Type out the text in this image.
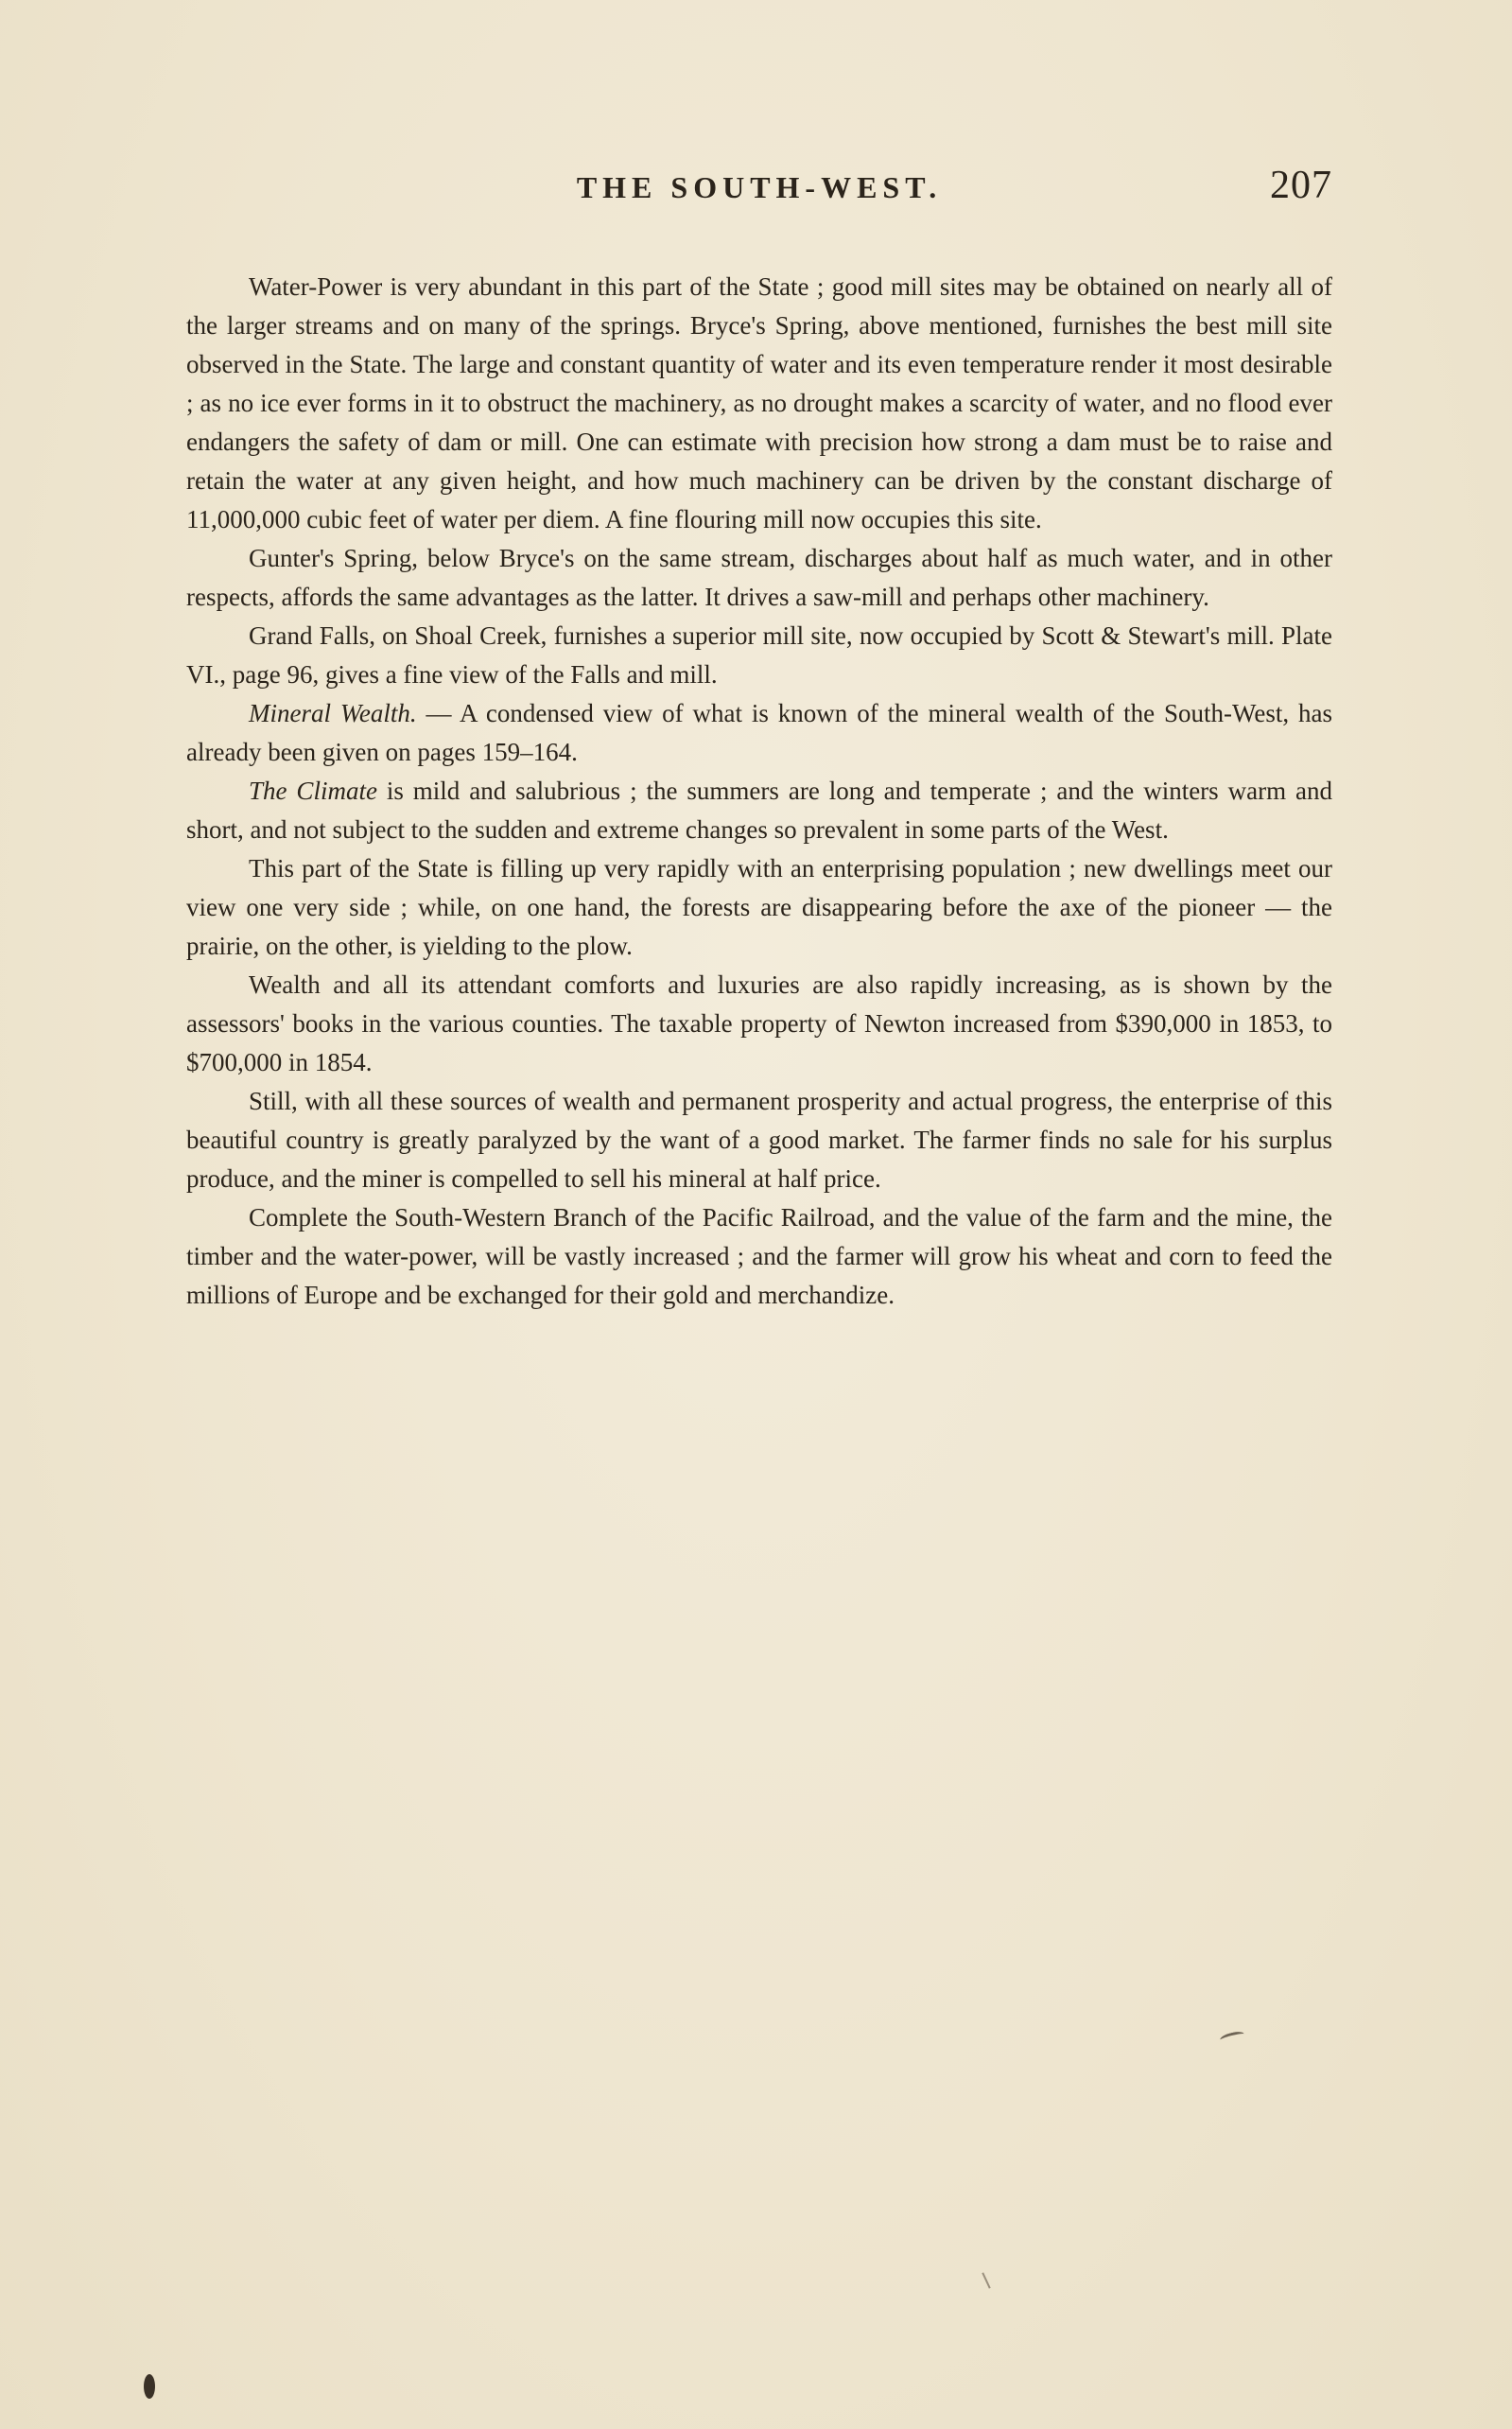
THE SOUTH-WEST.	207

Water-Power is very abundant in this part of the State ; good mill sites may be obtained on nearly all of the larger streams and on many of the springs. Bryce's Spring, above mentioned, furnishes the best mill site observed in the State. The large and constant quantity of water and its even temperature render it most desirable ; as no ice ever forms in it to obstruct the machinery, as no drought makes a scarcity of water, and no flood ever endangers the safety of dam or mill. One can estimate with precision how strong a dam must be to raise and retain the water at any given height, and how much machinery can be driven by the constant discharge of 11,000,000 cubic feet of water per diem. A fine flouring mill now occupies this site.

Gunter's Spring, below Bryce's on the same stream, discharges about half as much water, and in other respects, affords the same advantages as the latter. It drives a saw-mill and perhaps other machinery.

Grand Falls, on Shoal Creek, furnishes a superior mill site, now occupied by Scott & Stewart's mill. Plate VI., page 96, gives a fine view of the Falls and mill.

Mineral Wealth. — A condensed view of what is known of the mineral wealth of the South-West, has already been given on pages 159–164.

The Climate is mild and salubrious ; the summers are long and temperate ; and the winters warm and short, and not subject to the sudden and extreme changes so prevalent in some parts of the West.

This part of the State is filling up very rapidly with an enterprising population ; new dwellings meet our view one very side ; while, on one hand, the forests are disappearing before the axe of the pioneer — the prairie, on the other, is yielding to the plow.

Wealth and all its attendant comforts and luxuries are also rapidly increasing, as is shown by the assessors' books in the various counties. The taxable property of Newton increased from $390,000 in 1853, to $700,000 in 1854.

Still, with all these sources of wealth and permanent prosperity and actual progress, the enterprise of this beautiful country is greatly paralyzed by the want of a good market. The farmer finds no sale for his surplus produce, and the miner is compelled to sell his mineral at half price.

Complete the South-Western Branch of the Pacific Railroad, and the value of the farm and the mine, the timber and the water-power, will be vastly increased ; and the farmer will grow his wheat and corn to feed the millions of Europe and be exchanged for their gold and merchandize.
